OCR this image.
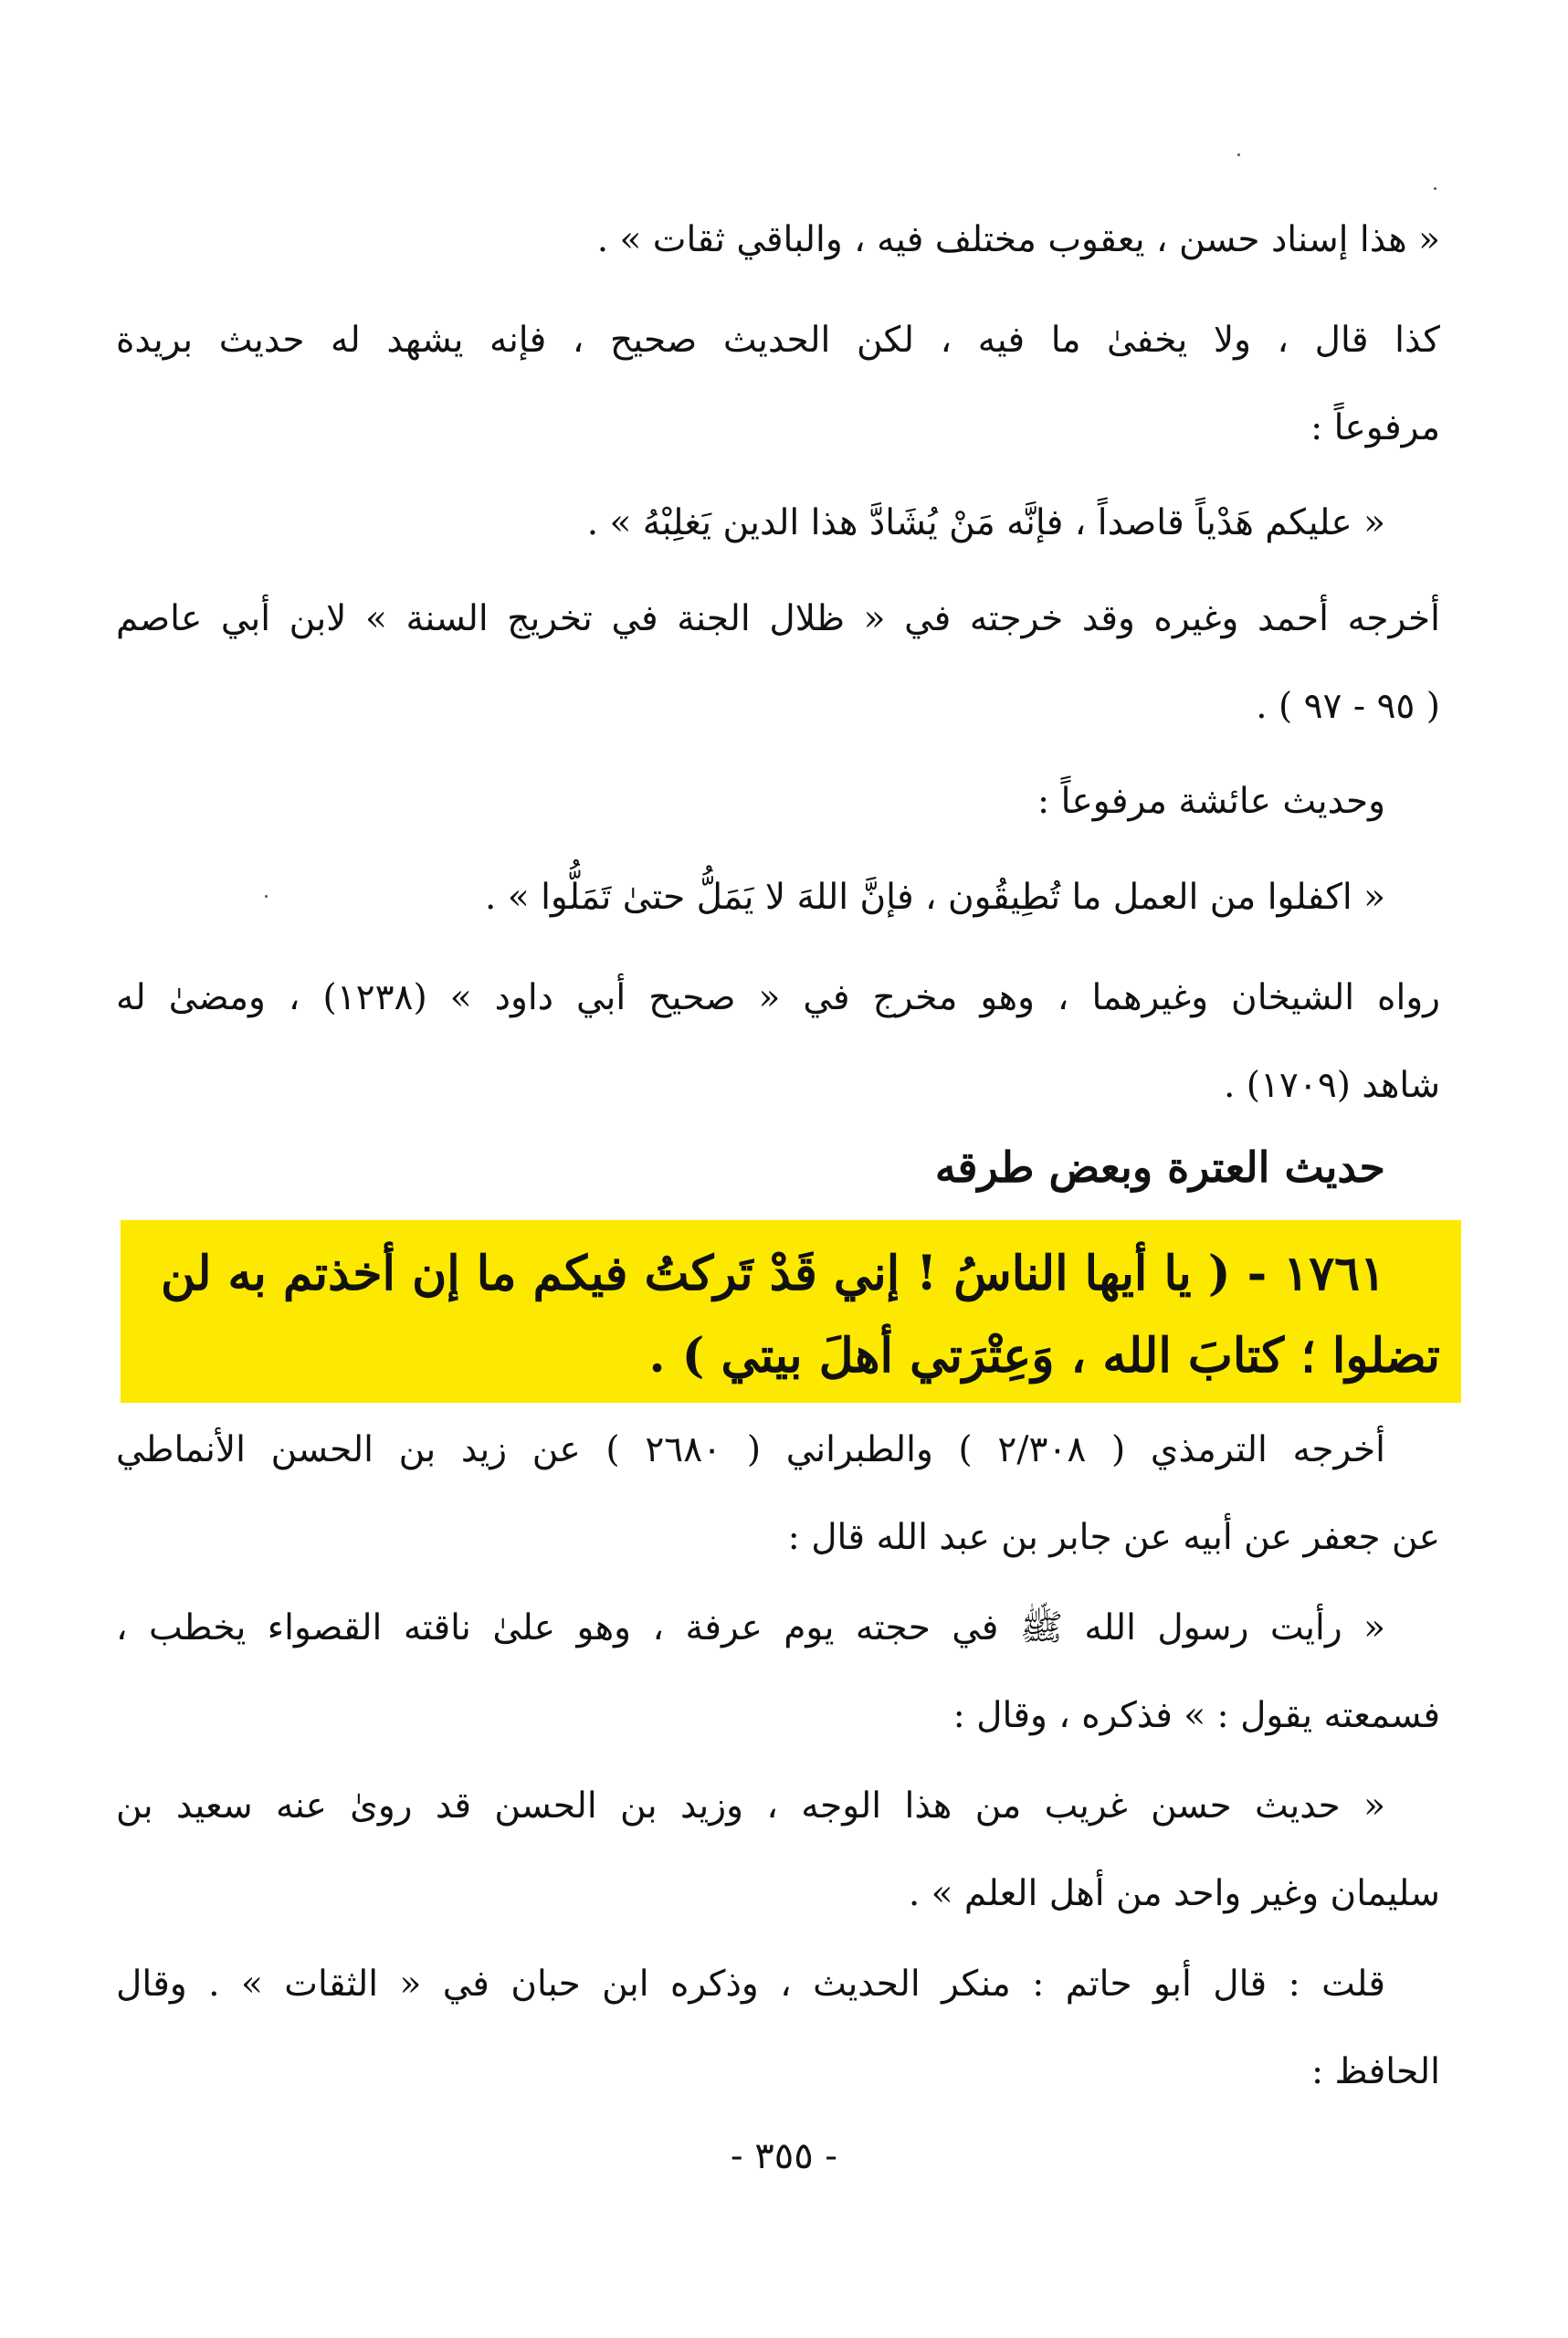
« هذا إسناد حسن ، يعقوب مختلف فيه ، والباقي ثقات » .
كذا قال ، ولا يخفىٰ ما فيه ، لكن الحديث صحيح ، فإنه يشهد له حديث بريدة
مرفوعاً :
« عليكم هَدْياً قاصداً ، فإنَّه مَنْ يُشَادَّ هذا الدين يَغلِبْهُ » .
أخرجه أحمد وغيره وقد خرجته في « ظلال الجنة في تخريج السنة » لابن أبي عاصم
( ٩٥ - ٩٧ ) .
وحديث عائشة مرفوعاً :
« اكفلوا من العمل ما تُطِيقُون ، فإنَّ اللهَ لا يَمَلُّ حتىٰ تَمَلُّوا » .
رواه الشيخان وغيرهما ، وهو مخرج في « صحيح أبي داود » (١٢٣٨) ، ومضىٰ له
شاهد (١٧٠٩) .
حديث العترة وبعض طرقه
١٧٦١ - ( يا أيها الناسُ ! إني قَدْ تَركتُ فيكم ما إن أخذتم به لن
تضلوا ؛ كتابَ الله ، وَعِتْرَتي أهلَ بيتي ) .
أخرجه الترمذي ( ٢/٣٠٨ ) والطبراني ( ٢٦٨٠ ) عن زيد بن الحسن الأنماطي
عن جعفر عن أبيه عن جابر بن عبد الله قال :
« رأيت رسول الله ﷺ في حجته يوم عرفة ، وهو علىٰ ناقته القصواء يخطب ،
فسمعته يقول : » فذكره ، وقال :
« حديث حسن غريب من هذا الوجه ، وزيد بن الحسن قد روىٰ عنه سعيد بن
سليمان وغير واحد من أهل العلم » .
قلت : قال أبو حاتم : منكر الحديث ، وذكره ابن حبان في « الثقات » . وقال
الحافظ :
- ٣٥٥ -
